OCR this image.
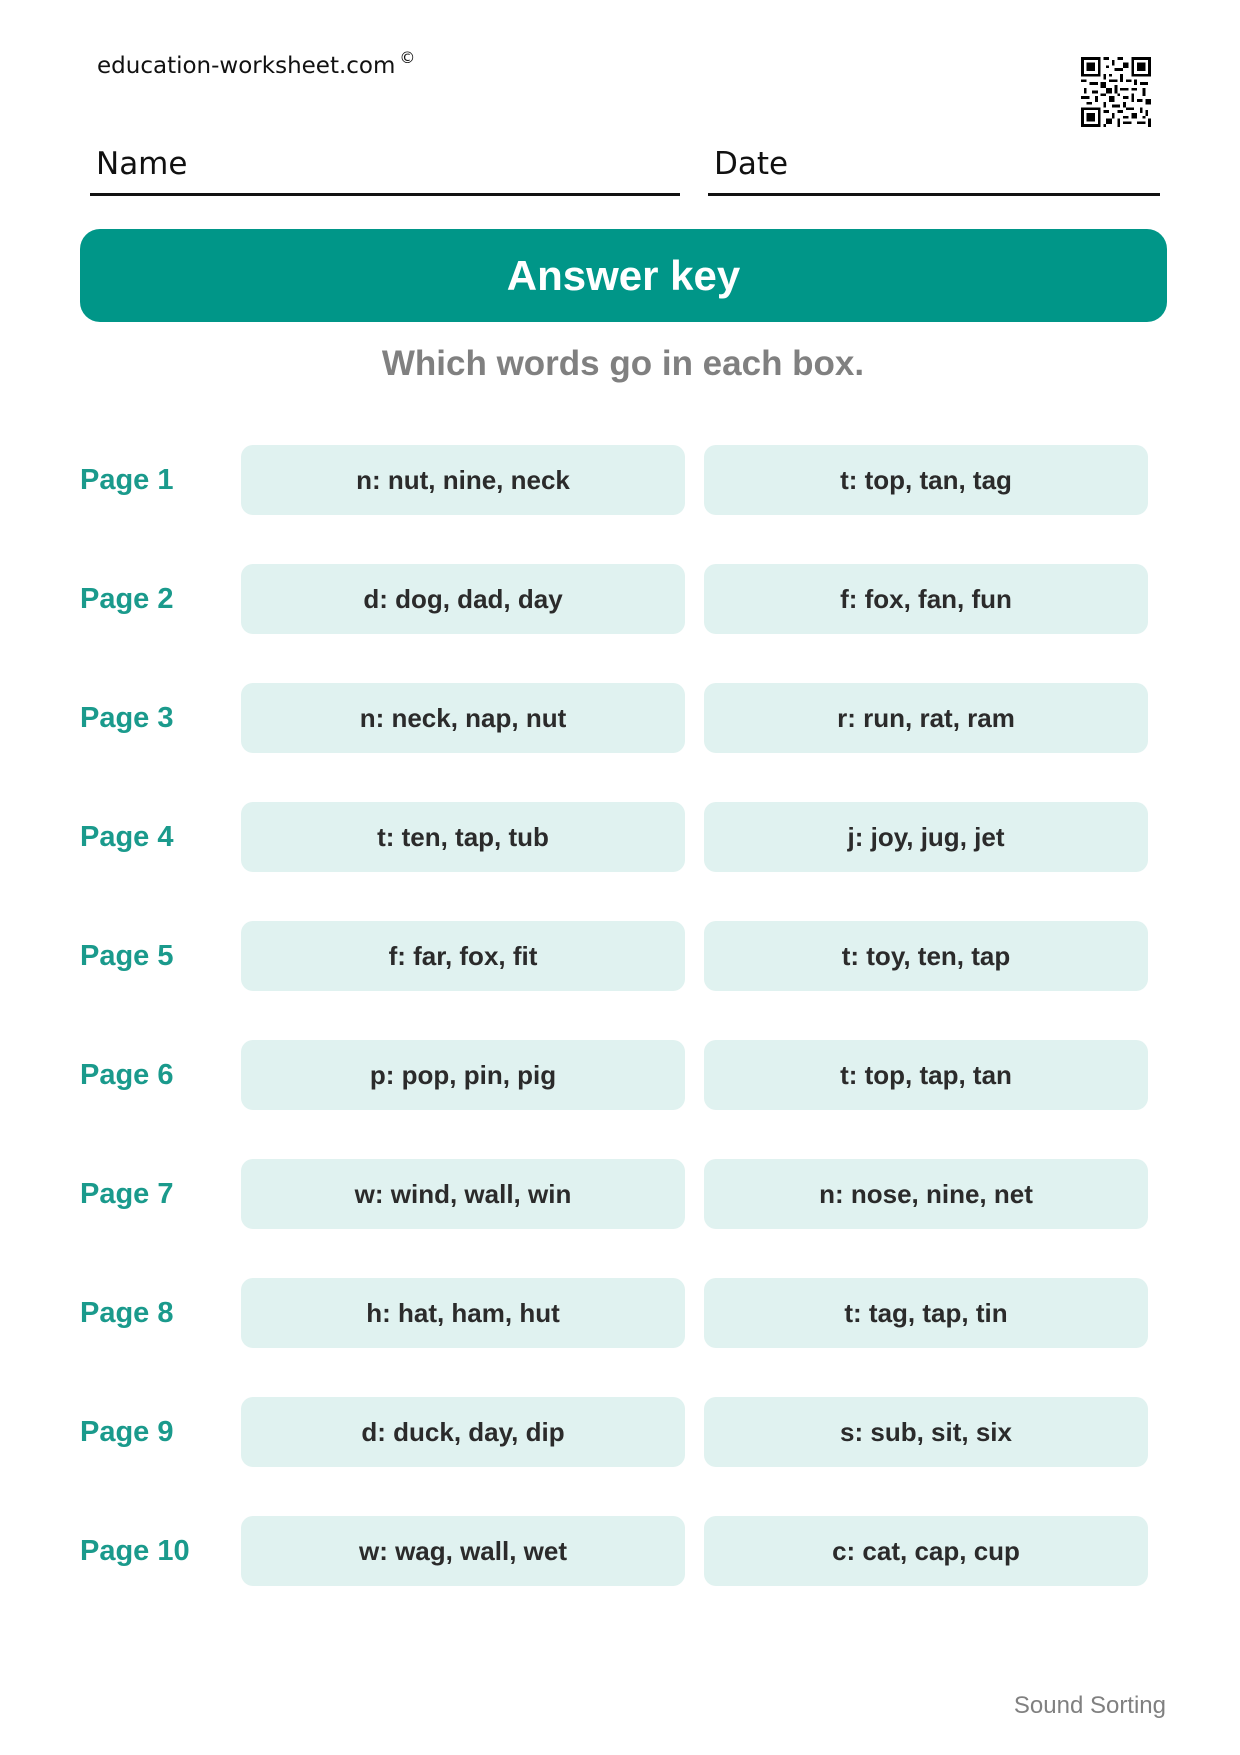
education-worksheet.com ©
Name	Date
Answer key
Which words go in each box.
Page 1	n: nut, nine, neck	t: top, tan, tag
Page 2	d: dog, dad, day	f: fox, fan, fun
Page 3	n: neck, nap, nut	r: run, rat, ram
Page 4	t: ten, tap, tub	j: joy, jug, jet
Page 5	f: far, fox, fit	t: toy, ten, tap
Page 6	p: pop, pin, pig	t: top, tap, tan
Page 7	w: wind, wall, win	n: nose, nine, net
Page 8	h: hat, ham, hut	t: tag, tap, tin
Page 9	d: duck, day, dip	s: sub, sit, six
Page 10	w: wag, wall, wet	c: cat, cap, cup
Sound Sorting
